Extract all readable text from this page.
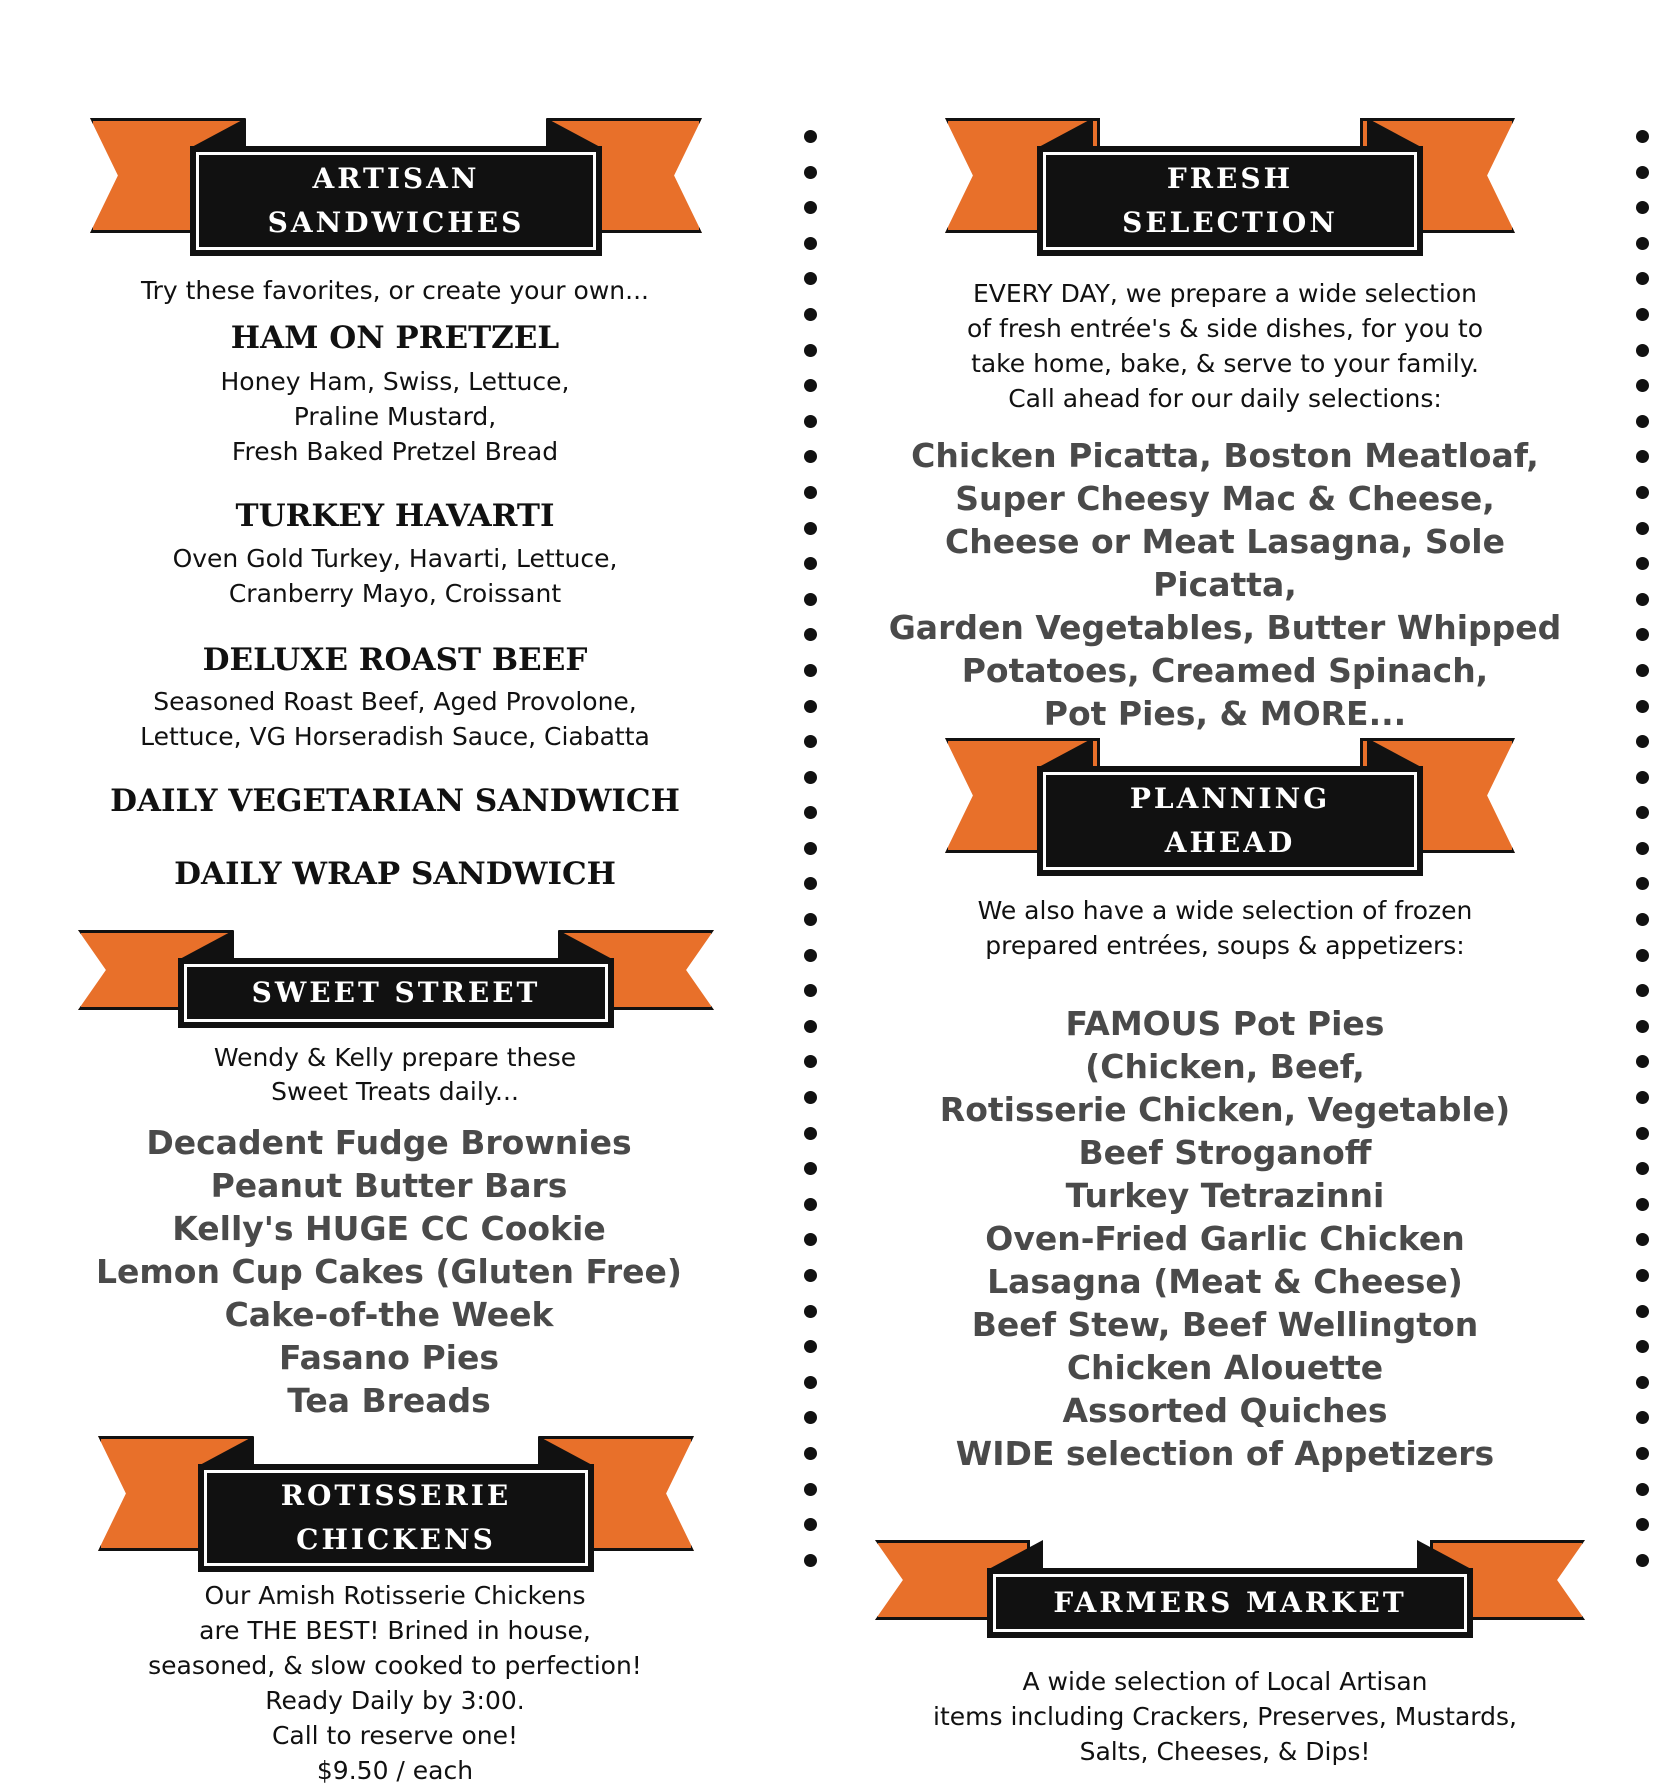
ARTISAN
SANDWICHES
Try these favorites, or create your own...
HAM ON PRETZEL
Honey Ham, Swiss, Lettuce,
Praline Mustard,
Fresh Baked Pretzel Bread
TURKEY HAVARTI
Oven Gold Turkey, Havarti, Lettuce,
Cranberry Mayo, Croissant
DELUXE ROAST BEEF
Seasoned Roast Beef, Aged Provolone,
Lettuce, VG Horseradish Sauce, Ciabatta
DAILY VEGETARIAN SANDWICH
DAILY WRAP SANDWICH
SWEET STREET
Wendy & Kelly prepare these
Sweet Treats daily...
Decadent Fudge Brownies
Peanut Butter Bars
Kelly's HUGE CC Cookie
Lemon Cup Cakes (Gluten Free)
Cake-of-the Week
Fasano Pies
Tea Breads
ROTISSERIE
CHICKENS
Our Amish Rotisserie Chickens
are THE BEST! Brined in house,
seasoned, & slow cooked to perfection!
Ready Daily by 3:00.
Call to reserve one!
$9.50 / each
FRESH
SELECTION
EVERY DAY, we prepare a wide selection
of fresh entrée's & side dishes, for you to
take home, bake, & serve to your family.
Call ahead for our daily selections:
Chicken Picatta, Boston Meatloaf,
Super Cheesy Mac & Cheese,
Cheese or Meat Lasagna, Sole Picatta,
Garden Vegetables, Butter Whipped
Potatoes, Creamed Spinach,
Pot Pies, & MORE...
PLANNING
AHEAD
We also have a wide selection of frozen
prepared entrées, soups & appetizers:
FAMOUS Pot Pies
(Chicken, Beef,
Rotisserie Chicken, Vegetable)
Beef Stroganoff
Turkey Tetrazinni
Oven-Fried Garlic Chicken
Lasagna (Meat & Cheese)
Beef Stew, Beef Wellington
Chicken Alouette
Assorted Quiches
WIDE selection of Appetizers
FARMERS MARKET
A wide selection of Local Artisan
items including Crackers, Preserves, Mustards,
Salts, Cheeses, & Dips!
